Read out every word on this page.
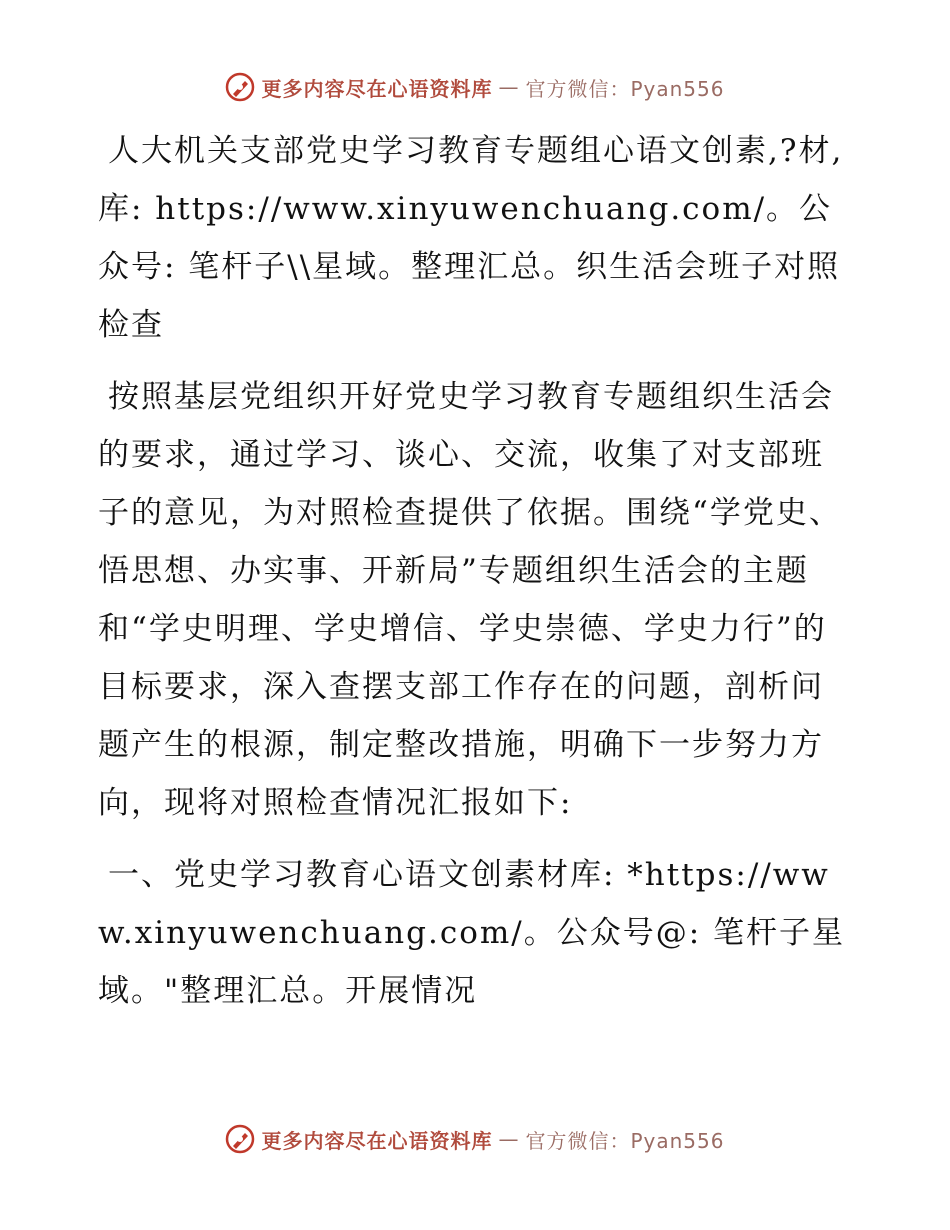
更多内容尽在心语资料库 — 官方微信：Pyan556

人大机关支部党史学习教育专题组心语文创素,?材,库: https://www.xinyuwenchuang.com/。公众号: 笔杆子\\星域。整理汇总。织生活会班子对照检查

按照基层党组织开好党史学习教育专题组织生活会的要求，通过学习、谈心、交流，收集了对支部班子的意见，为对照检查提供了依据。围绕“学党史、悟思想、办实事、开新局”专题组织生活会的主题和“学史明理、学史增信、学史崇德、学史力行”的目标要求，深入查摆支部工作存在的问题，剖析问题产生的根源，制定整改措施，明确下一步努力方向，现将对照检查情况汇报如下:

一、党史学习教育心语文创素材库: *https://www.xinyuwenchuang.com/。公众号@: 笔杆子星域。"整理汇总。开展情况

更多内容尽在心语资料库 — 官方微信：Pyan556
